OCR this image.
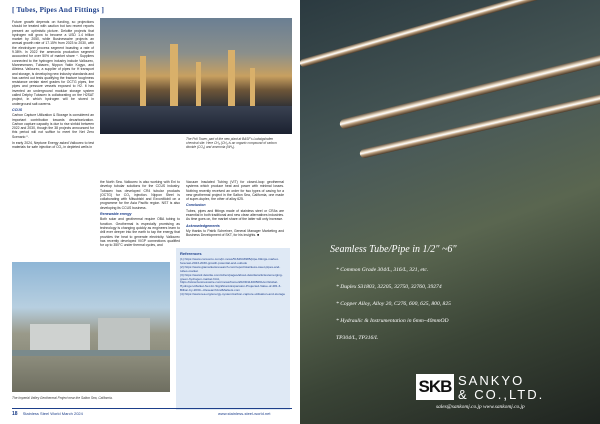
[ Tubes, Pipes And Fittings ]

Future growth depends on funding, so projections should be treated with caution but two recent reports present an optimistic picture. Deloitte projects that hydrogen will grow to become a USD 1.4 trillion market by 2050, while Businesswire projects an annual growth rate of 17.15% from 2023 to 2030, with the electrolyzer process segment boasting a rate of 9.38%. In 2022 the ammonia production segment accounted for over 50% of market share ⁴. Suppliers connected to the hydrogen industry include Vallourec, Mannesmann, Tubacex, Nippon Yakin Kogyo, and Alleima. Vallourec, a supplier of pipes for H transport and storage, is developing new industry standards and has carried out tests qualifying the fracture toughness resistance certain steel grades for OCTG pipes, line pipes and pressure vessels exposed to H2. It has invented an underground modular storage system called Delphy Tubacex is collaborating on the H2SAT project, in which hydrogen will be stored in underground salt caverns.

CCUS

Carbon Capture Utilization & Storage is considered an important contribution towards decarbonization. Carbon capture capacity is due to rise sixfold between 2022 and 2030, though the 38 projects announced for this period will not suffice to meet the Net Zero Scenario ⁵.

In early 2024, Neptune Energy asked Vallourec to test materials for safe injection of CO₂ in depleted wells in

The Poll Tower, part of the new plant at BASF's Ludwigshafen chemical site. Here CH₄ (CH₄ is an organic compound of carbon dioxide (CO₂) and ammonia (NH₃).

the North Sea. Vallourec is also working with Eni to develop tubular solutions for the CCUS industry. Tubacex has developed CR4 tubular products (OCTG) for CO₂ injection. Nippon Steel is collaborating with Mitsubishi and ExxonMobil on a programme for the Asia Pacific region. NST is also developing its CCUS business.

Renewable energy

Both solar and geothermal require OBA tubing to function. Geothermal is especially promising as technology is changing quickly as engineers learn to drill ever deeper into the earth to tap the energy that provides the heat to generate electricity. Vallourec has recently developed VIGP connections qualified for up to 350°C under thermal cycles, and

Vacuum Insulated Tubing (VIT) for closed-loop geothermal systems which produce heat and power with minimal losses. Nothing recently received an order for two types of casing for a new geothermal project in the Salton Sea, California, one made of super-duplex, the other of alloy 625.

Conclusion

Tubes, pipes and fittings made of stainless steel or CRAs are essential in both traditional and new clean alternatives industries. As time goes on, the market share of the latter will only increase.

Acknowledgements

My thanks to Patrik Schreiner, General Manager Marketing and Business Development of SKT, for his insights. ■

The Imperial Valley Geothermal Project near the Salton Sea, California.
References
(1) https://www.consorco.com/pr-news/5162643985/pipe-fittings-market-forecast-2023-2030-growth-potential-and-outlook
(2) https://www.giamarketsresearch.com/report/stainless-steel-pipes-and-tubes-market
(3) https://www2.deloitte.com/cd/en/pages/about-deloitte/articles/emerging-green-hydrogen-market.html, https://www.businesswire.com/news/home/20230114005061/en/Global-Hydrogen-Market-Set-for-Significant-Expansion-Projected-Value-of-281.3-Billion-by-2030---ResearchAndMarkets.com
(4) https://www.iea.org/energy-system/carbon-capture-utilisation-and-storage
18 Stainless Steel World March 2024	www.stainless-steel-world.net
Seamless Tube/Pipe in 1/2" ~6"
* Common Grade 304/L, 316/L, 321, etc.
* Duplex S31803, 32205, 32750, 32760, 39274
* Copper Alloy, Alloy 20, C276, 600, 625, 800, 825
* Hydraulic & Instrumentation in 6mm~40mmOD
TP304/L, TP316/L
SKB SANKYO
& CO.,LTD.
sales@sankomj.co.jp www.sankomj.co.jp
